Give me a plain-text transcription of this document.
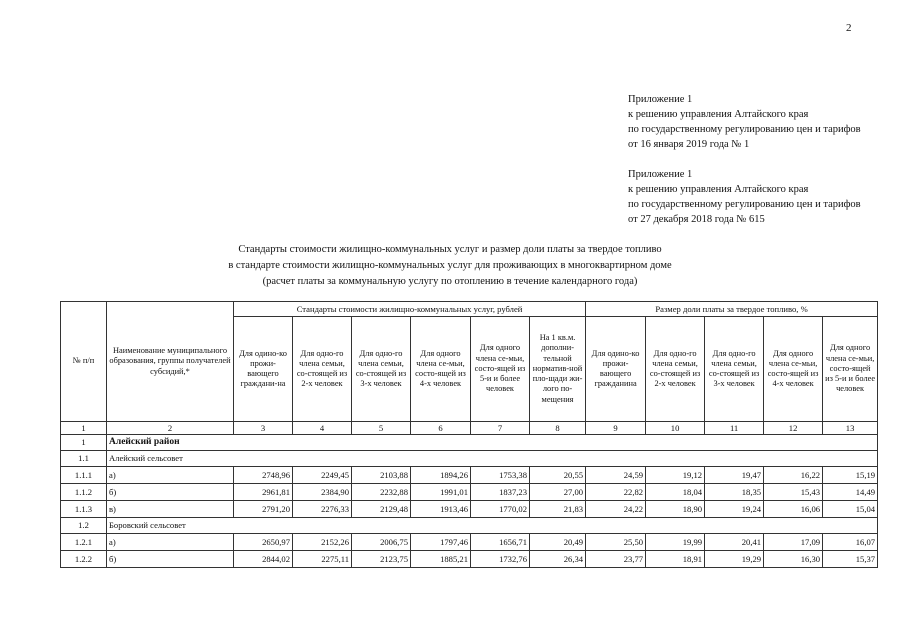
2
Приложение 1
к решению управления Алтайского края
по государственному регулированию цен и тарифов
от 16 января 2019 года № 1
Приложение 1
к решению управления Алтайского края
по государственному регулированию цен и тарифов
от 27 декабря 2018 года № 615
Стандарты стоимости жилищно-коммунальных услуг и размер доли платы за твердое топливо
в стандарте стоимости жилищно-коммунальных услуг для проживающих в многоквартирном доме
(расчет платы за коммунальную услугу по отоплению в течение календарного года)
№ п/п	Наименование муниципального образования, группы получателей субсидий,*	Стандарты стоимости жилищно-коммунальных услуг, рублей						Размер доли платы за твердое топливо, %				
		Для одино-ко прожи-вающего граждани-на	Для одно-го члена семьи, со-стоящей из 2-х человек	Для одно-го члена семьи, со-стоящей из 3-х человек	Для одного члена се-мьи, состо-ящей из 4-х человек	Для одного члена се-мьи, состо-ящей из 5-и и более человек	На 1 кв.м. дополни-тельной норматив-ной пло-щади жи-лого по-мещения	Для одино-ко прожи-вающего гражданина	Для одно-го члена семьи, со-стоящей из 2-х человек	Для одно-го члена семьи, со-стоящей из 3-х человек	Для одного члена се-мьи, состо-ящей из 4-х человек	Для одного члена се-мьи, состо-ящей из 5-и и более человек
1	2	3	4	5	6	7	8	9	10	11	12	13
1	Алейский район											
1.1	Алейский сельсовет											
1.1.1	а)	2748,96	2249,45	2103,88	1894,26	1753,38	20,55	24,59	19,12	19,47	16,22	15,19
1.1.2	б)	2961,81	2384,90	2232,88	1991,01	1837,23	27,00	22,82	18,04	18,35	15,43	14,49
1.1.3	в)	2791,20	2276,33	2129,48	1913,46	1770,02	21,83	24,22	18,90	19,24	16,06	15,04
1.2	Боровский сельсовет											
1.2.1	а)	2650,97	2152,26	2006,75	1797,46	1656,71	20,49	25,50	19,99	20,41	17,09	16,07
1.2.2	б)	2844,02	2275,11	2123,75	1885,21	1732,76	26,34	23,77	18,91	19,29	16,30	15,37
